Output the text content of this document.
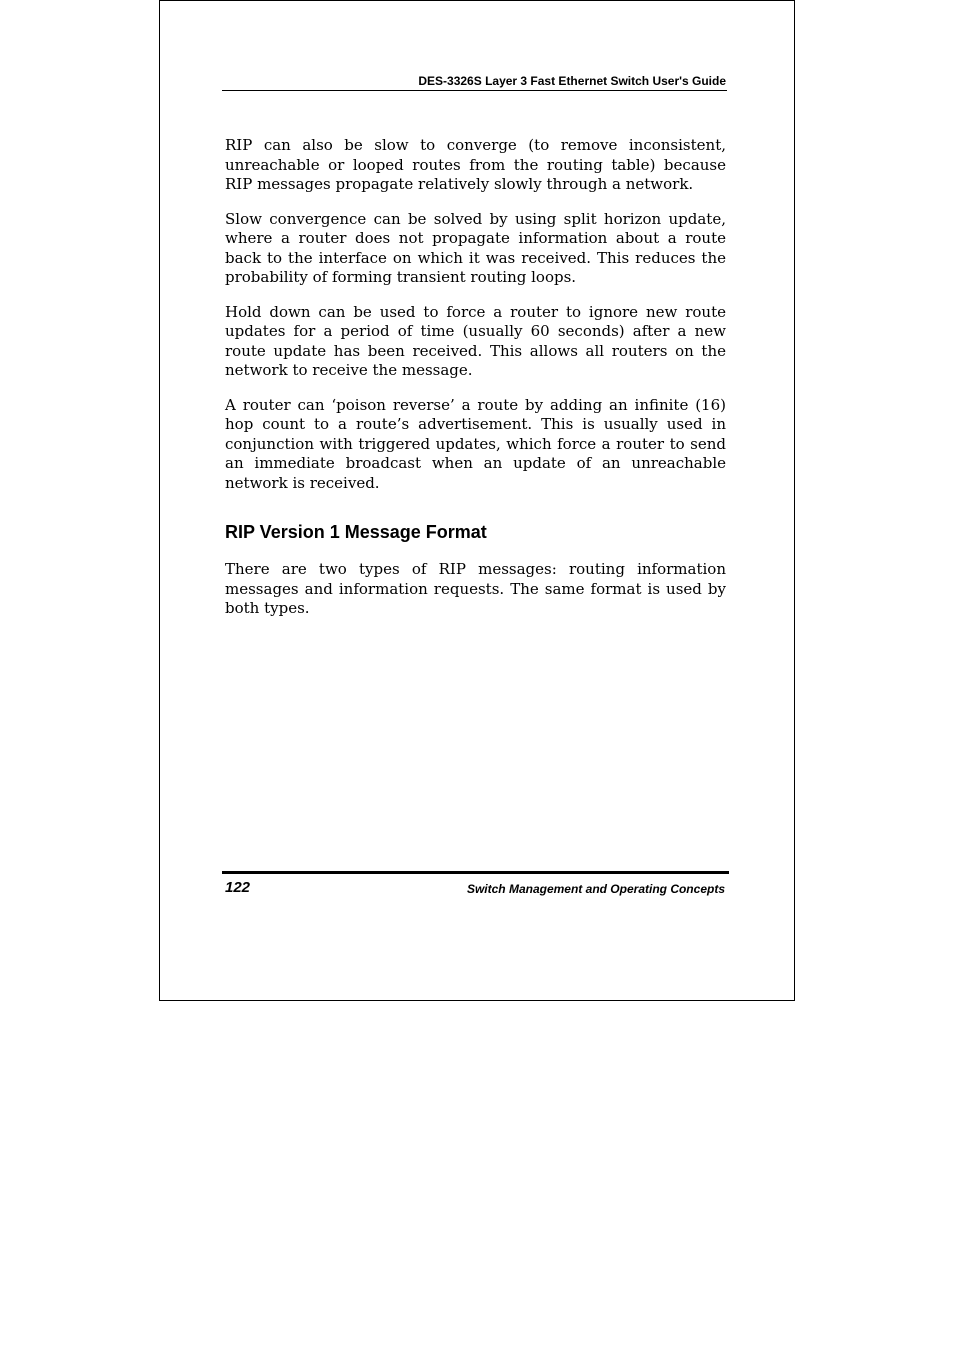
DES-3326S Layer 3 Fast Ethernet Switch User's Guide

RIP can also be slow to converge (to remove inconsistent, unreachable or looped routes from the routing table) because RIP messages propagate relatively slowly through a network.

Slow convergence can be solved by using split horizon update, where a router does not propagate information about a route back to the interface on which it was received. This reduces the probability of forming transient routing loops.

Hold down can be used to force a router to ignore new route updates for a period of time (usually 60 seconds) after a new route update has been received. This allows all routers on the network to receive the message.

A router can ‘poison reverse’ a route by adding an infinite (16) hop count to a route’s advertisement. This is usually used in conjunction with triggered updates, which force a router to send an immediate broadcast when an update of an unreachable network is received.

RIP Version 1 Message Format

There are two types of RIP messages: routing information messages and information requests. The same format is used by both types.

122	Switch Management and Operating Concepts
